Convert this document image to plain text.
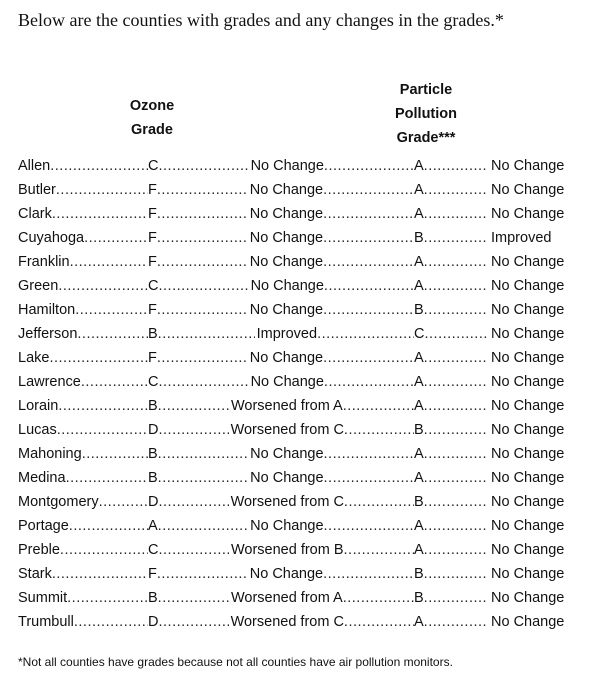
Below are the counties with grades and any changes in the grades.*
Ozone
Grade
Particle
Pollution
Grade***
Allen .....	C .....	No Change .....	A .....	No Change
Butler .....	F .....	No Change .....	A .....	No Change
Clark .....	F .....	No Change .....	A .....	No Change
Cuyahoga .....	F .....	No Change .....	B .....	Improved
Franklin .....	F .....	No Change .....	A .....	No Change
Green .....	C .....	No Change .....	A .....	No Change
Hamilton .....	F .....	No Change .....	B .....	No Change
Jefferson .....	B .....	Improved .....	C .....	No Change
Lake .....	F .....	No Change .....	A .....	No Change
Lawrence .....	C .....	No Change .....	A .....	No Change
Lorain .....	B .....	Worsened from A .....	A .....	No Change
Lucas .....	D .....	Worsened from C .....	B .....	No Change
Mahoning .....	B .....	No Change .....	A .....	No Change
Medina .....	B .....	No Change .....	A .....	No Change
Montgomery .....	D .....	Worsened from C .....	B .....	No Change
Portage .....	A .....	No Change .....	A .....	No Change
Preble .....	C .....	Worsened from B .....	A .....	No Change
Stark .....	F .....	No Change .....	B .....	No Change
Summit .....	B .....	Worsened from A .....	B .....	No Change
Trumbull .....	D .....	Worsened from C .....	A .....	No Change
*Not all counties have grades because not all counties have air pollution monitors.
